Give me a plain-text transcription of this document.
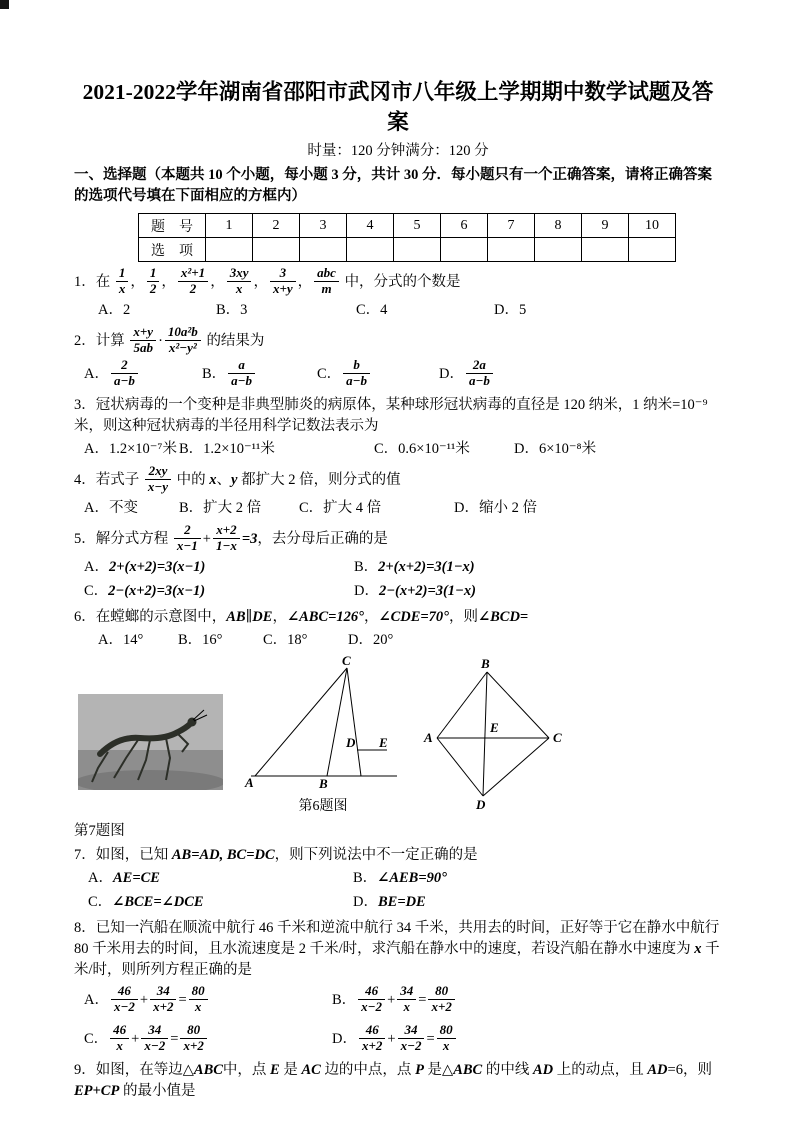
2021-2022学年湖南省邵阳市武冈市八年级上学期期中数学试题及答案
时量：120 分钟满分：120 分
一、选择题（本题共 10 个小题，每小题 3 分，共计 30 分．每小题只有一个正确答案，请将正确答案的选项代号填在下面相应的方框内）
题　号	1	2	3	4	5	6	7	8	9	10
选　项										
1．在 $\frac{1}{x}$ ， $\frac{1}{2}$ ， $\frac{\text{x²+1}}{2}$ ， $\frac{3xy}{x}$ ， $\frac{3}{x+y}$ ， $\frac{\text{abc}}{m}$ 中，分式的个数是
A．2	B．3	C．4	D．5
2．计算 $\frac{x+y}{5ab} \cdot \frac{\text{10a²b}}{\text{x²−y²}}$ 的结果为
A． $\frac{2}{a-b}$	B． $\frac{a}{a-b}$	C． $\frac{b}{a-b}$	D． $\frac{2a}{a-b}$
3．冠状病毒的一个变种是非典型肺炎的病原体，某种球形冠状病毒的直径是 120 纳米，1 纳米=10⁻⁹米，则这种冠状病毒的半径用科学记数法表示为
A．1.2×10⁻⁷米 B．1.2×10⁻¹¹米	C．0.6×10⁻¹¹米	D．6×10⁻⁸米
4．若式子 $\frac{2xy}{x-y}$ 中的 x、y 都扩大 2 倍，则分式的值
A．不变	B．扩大 2 倍	C．扩大 4 倍	D．缩小 2 倍
5．解分式方程 $\frac{2}{x-1} + \frac{x+2}{1-x} =3$，去分母后正确的是
A．2+(x+2)=3(x−1)	B．2+(x+2)=3(1−x)
C．2−(x+2)=3(x−1)	D．2−(x+2)=3(1−x)
6．在螳螂的示意图中，AB∥DE，∠ABC=126°，∠CDE=70°，则∠BCD=
A．14°	B．16°	C．18°	D．20°
C
A	B
D E
第6题图
B
A	C
D
E
第7题图
7．如图，已知 AB=AD, BC=DC，则下列说法中不一定正确的是
A．AE=CE	B．∠AEB=90°
C．∠BCE=∠DCE	D．BE=DE
8．已知一汽船在顺流中航行 46 千米和逆流中航行 34 千米，共用去的时间，正好等于它在静水中航行 80 千米用去的时间，且水流速度是 2 千米/时，求汽船在静水中的速度，若设汽船在静水中速度为 x 千米/时，则所列方程正确的是
A． $\frac{46}{x-2} + \frac{34}{x+2} = \frac{80}{x}$	B． $\frac{46}{x-2} + \frac{34}{x} = \frac{80}{x+2}$
C． $\frac{46}{x} + \frac{34}{x-2} = \frac{80}{x+2}$	D． $\frac{46}{x+2} + \frac{34}{x-2} = \frac{80}{x}$
9．如图，在等边△ABC中，点 E 是 AC 边的中点，点 P 是△ABC 的中线 AD 上的动点，且 AD=6，则 EP+CP 的最小值是
